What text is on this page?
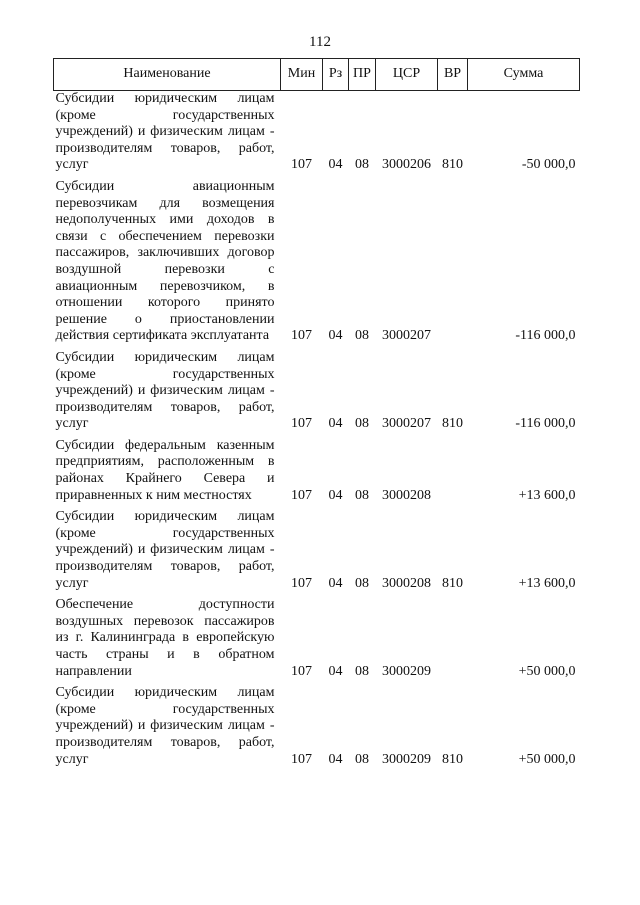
112
Наименование	Мин	Рз	ПР	ЦСР	ВР	Сумма
Субсидии юридическим лицам (кроме государственных учреждений) и физическим лицам - производителям товаров, работ, услуг	107	04	08	3000206	810	-50 000,0
Субсидии авиационным перевозчикам для возмещения недополученных ими доходов в связи с обеспечением перевозки пассажиров, заключивших договор воздушной перевозки с авиационным перевозчиком, в отношении которого принято решение о приостановлении действия сертификата эксплуатанта	107	04	08	3000207		-116 000,0
Субсидии юридическим лицам (кроме государственных учреждений) и физическим лицам - производителям товаров, работ, услуг	107	04	08	3000207	810	-116 000,0
Субсидии федеральным казенным предприятиям, расположенным в районах Крайнего Севера и приравненных к ним местностях	107	04	08	3000208		+13 600,0
Субсидии юридическим лицам (кроме государственных учреждений) и физическим лицам - производителям товаров, работ, услуг	107	04	08	3000208	810	+13 600,0
Обеспечение доступности воздушных перевозок пассажиров из г. Калининграда в европейскую часть страны и в обратном направлении	107	04	08	3000209		+50 000,0
Субсидии юридическим лицам (кроме государственных учреждений) и физическим лицам - производителям товаров, работ, услуг	107	04	08	3000209	810	+50 000,0
